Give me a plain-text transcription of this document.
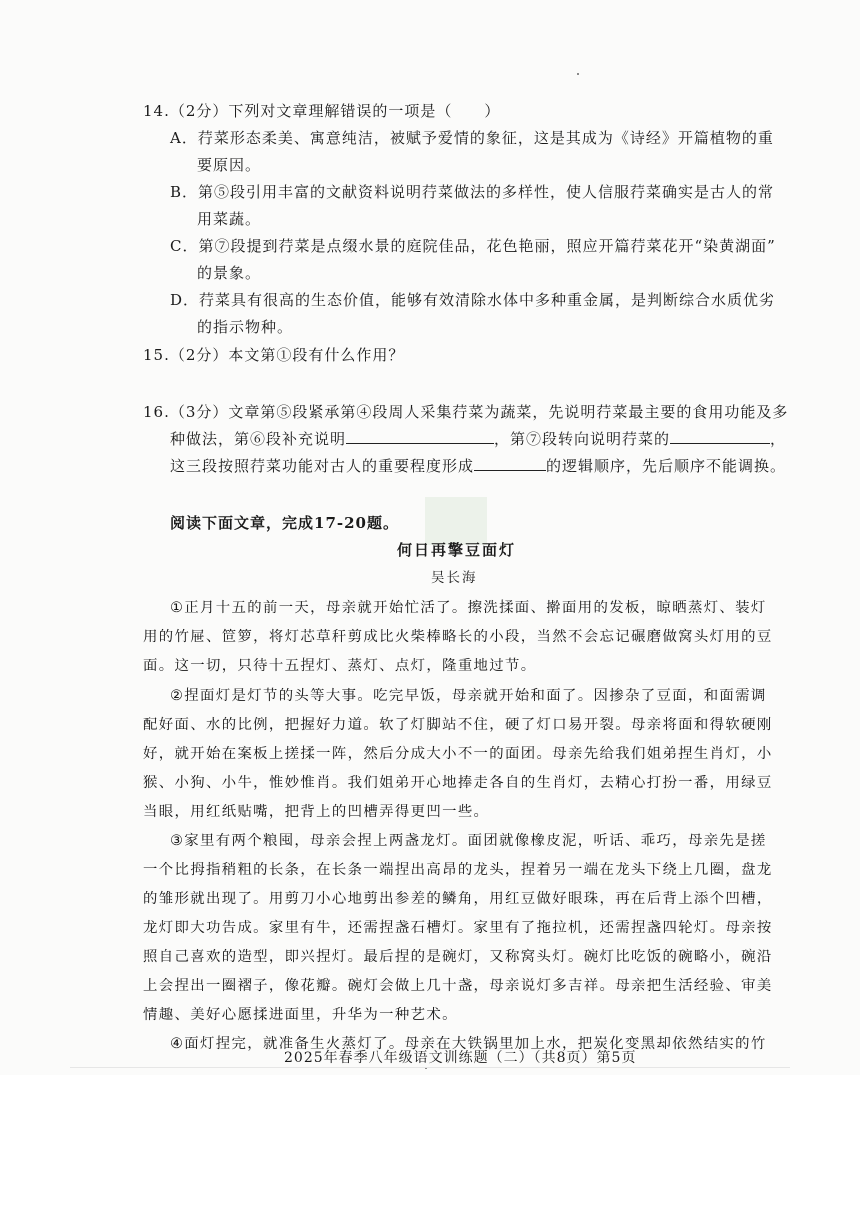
14.（2分）下列对文章理解错误的一项是（　　）
A．荇菜形态柔美、寓意纯洁，被赋予爱情的象征，这是其成为《诗经》开篇植物的重
要原因。
B．第⑤段引用丰富的文献资料说明荇菜做法的多样性，使人信服荇菜确实是古人的常
用菜蔬。
C．第⑦段提到荇菜是点缀水景的庭院佳品，花色艳丽，照应开篇荇菜花开“染黄湖面”
的景象。
D．荇菜具有很高的生态价值，能够有效清除水体中多种重金属，是判断综合水质优劣
的指示物种。
15.（2分）本文第①段有什么作用？
16.（3分）文章第⑤段紧承第④段周人采集荇菜为蔬菜，先说明荇菜最主要的食用功能及多
种做法，第⑥段补充说明	，第⑦段转向说明荇菜的	，
这三段按照荇菜功能对古人的重要程度形成	的逻辑顺序，先后顺序不能调换。
阅读下面文章，完成17-20题。
何日再擎豆面灯
吴长海
①正月十五的前一天，母亲就开始忙活了。擦洗揉面、擀面用的发板，晾晒蒸灯、装灯
用的竹屉、笸箩，将灯芯草秆剪成比火柴棒略长的小段，当然不会忘记碾磨做窝头灯用的豆
面。这一切，只待十五捏灯、蒸灯、点灯，隆重地过节。
②捏面灯是灯节的头等大事。吃完早饭，母亲就开始和面了。因掺杂了豆面，和面需调
配好面、水的比例，把握好力道。软了灯脚站不住，硬了灯口易开裂。母亲将面和得软硬刚
好，就开始在案板上搓揉一阵，然后分成大小不一的面团。母亲先给我们姐弟捏生肖灯，小
猴、小狗、小牛，惟妙惟肖。我们姐弟开心地捧走各自的生肖灯，去精心打扮一番，用绿豆
当眼，用红纸贴嘴，把背上的凹槽弄得更凹一些。
③家里有两个粮囤，母亲会捏上两盏龙灯。面团就像橡皮泥，听话、乖巧，母亲先是搓
一个比拇指稍粗的长条，在长条一端捏出高昂的龙头，捏着另一端在龙头下绕上几圈，盘龙
的雏形就出现了。用剪刀小心地剪出参差的鳞角，用红豆做好眼珠，再在后背上添个凹槽，
龙灯即大功告成。家里有牛，还需捏盏石槽灯。家里有了拖拉机，还需捏盏四轮灯。母亲按
照自己喜欢的造型，即兴捏灯。最后捏的是碗灯，又称窝头灯。碗灯比吃饭的碗略小，碗沿
上会捏出一圈褶子，像花瓣。碗灯会做上几十盏，母亲说灯多吉祥。母亲把生活经验、审美
情趣、美好心愿揉进面里，升华为一种艺术。
④面灯捏完，就准备生火蒸灯了。母亲在大铁锅里加上水，把炭化变黑却依然结实的竹
2025年春季八年级语文训练题（二）（共8页）第5页
